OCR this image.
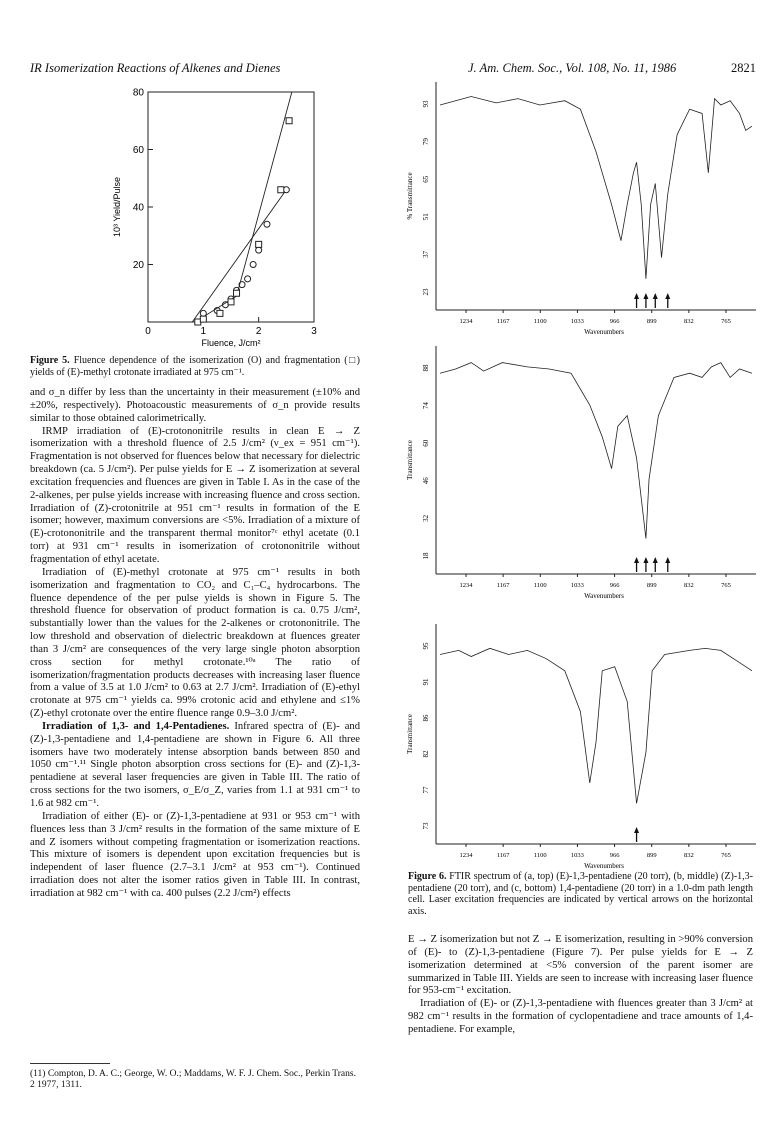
IR Isomerization Reactions of Alkenes and Dienes	J. Am. Chem. Soc., Vol. 108, No. 11, 1986	2821
0	1	2	3
20
40
60
80
Fluence, J/cm²
10³ Yield/Pulse
Figure 5. Fluence dependence of the isomerization (O) and fragmentation (□) yields of (E)-methyl crotonate irradiated at 975 cm⁻¹.

and σ_n differ by less than the uncertainty in their measurement (±10% and ±20%, respectively). Photoacoustic measurements of σ_n provide results similar to those obtained calorimetrically.

IRMP irradiation of (E)-crotononitrile results in clean E → Z isomerization with a threshold fluence of 2.5 J/cm² (ν_ex = 951 cm⁻¹). Fragmentation is not observed for fluences below that necessary for dielectric breakdown (ca. 5 J/cm²). Per pulse yields for E → Z isomerization at several excitation frequencies and fluences are given in Table I. As in the case of the 2-alkenes, per pulse yields increase with increasing fluence and cross section. Irradiation of (Z)-crotonitrile at 951 cm⁻¹ results in formation of the E isomer; however, maximum conversions are <5%. Irradiation of a mixture of (E)-crotononitrile and the transparent thermal monitor⁷ᶜ ethyl acetate (0.1 torr) at 931 cm⁻¹ results in isomerization of crotononitrile without fragmentation of ethyl acetate.

Irradiation of (E)-methyl crotonate at 975 cm⁻¹ results in both isomerization and fragmentation to CO₂ and C₁–C₄ hydrocarbons. The fluence dependence of the per pulse yields is shown in Figure 5. The threshold fluence for observation of product formation is ca. 0.75 J/cm², substantially lower than the values for the 2-alkenes or crotononitrile. The low threshold and observation of dielectric breakdown at fluences greater than 3 J/cm² are consequences of the very large single photon absorption cross section for methyl crotonate.¹⁰ᵃ The ratio of isomerization/fragmentation products decreases with increasing laser fluence from a value of 3.5 at 1.0 J/cm² to 0.63 at 2.7 J/cm². Irradiation of (E)-ethyl crotonate at 975 cm⁻¹ yields ca. 99% crotonic acid and ethylene and ≤1% (Z)-ethyl crotonate over the entire fluence range 0.9–3.0 J/cm².

Irradiation of 1,3- and 1,4-Pentadienes. Infrared spectra of (E)- and (Z)-1,3-pentadiene and 1,4-pentadiene are shown in Figure 6. All three isomers have two moderately intense absorption bands between 850 and 1050 cm⁻¹.¹¹ Single photon absorption cross sections for (E)- and (Z)-1,3-pentadiene at several laser frequencies are given in Table III. The ratio of cross sections for the two isomers, σ_E/σ_Z, varies from 1.1 at 931 cm⁻¹ to 1.6 at 982 cm⁻¹.

Irradiation of either (E)- or (Z)-1,3-pentadiene at 931 or 953 cm⁻¹ with fluences less than 3 J/cm² results in the formation of the same mixture of E and Z isomers without competing fragmentation or isomerization reactions. This mixture of isomers is dependent upon excitation frequencies but is independent of laser fluence (2.7–3.1 J/cm² at 953 cm⁻¹). Continued irradiation does not alter the isomer ratios given in Table III. In contrast, irradiation at 982 cm⁻¹ with ca. 400 pulses (2.2 J/cm²) effects

(11) Compton, D. A. C.; George, W. O.; Maddams, W. F. J. Chem. Soc., Perkin Trans. 2 1977, 1311.
93
79
65
51
37
23
% Transmittance
1234	1167	1100	1033	966	899	832	765
Wavenumbers
88
74
60
46
32
18
Transmittance
1234	1167	1100	1033	966	899	832	765
Wavenumbers
95
91
86
82
77
73
Transmittance
1234	1167	1100	1033	966	899	832	765
Wavenumbers
Figure 6. FTIR spectrum of (a, top) (E)-1,3-pentadiene (20 torr), (b, middle) (Z)-1,3-pentadiene (20 torr), and (c, bottom) 1,4-pentadiene (20 torr) in a 1.0-dm path length cell. Laser excitation frequencies are indicated by vertical arrows on the horizontal axis.

E → Z isomerization but not Z → E isomerization, resulting in >90% conversion of (E)- to (Z)-1,3-pentadiene (Figure 7). Per pulse yields for E → Z isomerization determined at <5% conversion of the parent isomer are summarized in Table III. Yields are seen to increase with increasing laser fluence for 953-cm⁻¹ excitation.

Irradiation of (E)- or (Z)-1,3-pentadiene with fluences greater than 3 J/cm² at 982 cm⁻¹ results in the formation of cyclopentadiene and trace amounts of 1,4-pentadiene. For example,
